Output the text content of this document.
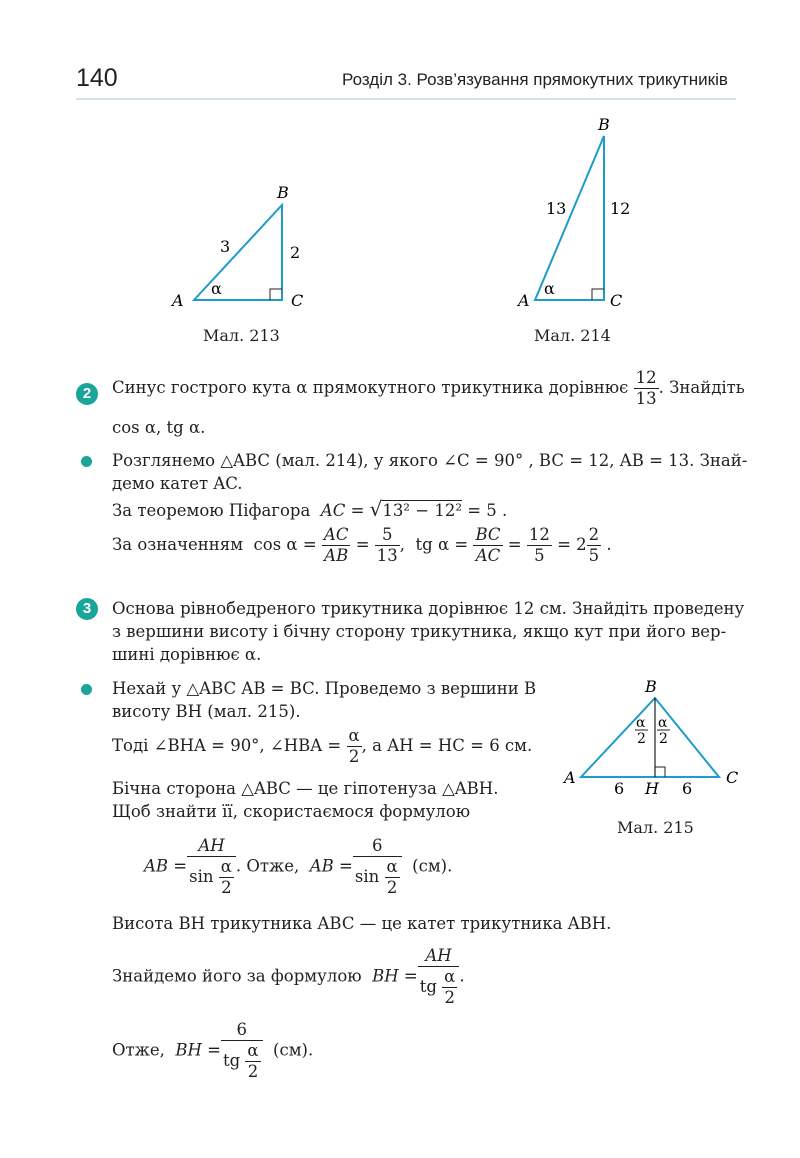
140	Розділ 3. Розв’язування прямокутних трикутників
A
B
C
3	2
α
Мал. 213
A
B
C
13	12
α
Мал. 214
2	Синус гострого кута α прямокутного трикутника дорівнює $\frac{12}{13}$ . Знайдіть
cos α, tg α.
Розглянемо △ABC (мал. 214), у якого ∠C = 90° , BC = 12, AB = 13. Знай-
демо катет AC.
За теоремою Піфагора AC = √13² − 12² = 5 .
За означенням $\cos \alpha = \frac{AC}{AB} = \frac{5}{13}$ , tg $\alpha = \frac{BC}{AC} = \frac{12}{5} = 2 \frac{2}{5}$ .
3	Основа рівнобедреного трикутника дорівнює 12 см. Знайдіть проведену
з вершини висоту і бічну сторону трикутника, якщо кут при його вер-
шині дорівнює α.
Нехай у △ABC AB = BC. Проведемо з вершини B
висоту BH (мал. 215).
Тоді ∠BHA = 90°, ∠HBA = $\frac{\alpha}{2}$ , а AH = HC = 6 см.
Бічна сторона △ABC — це гіпотенуза △ABH.
Щоб знайти її, скористаємося формулою
AB = $\frac{AH}{\sin \frac{\alpha}{2}}$ . Отже, AB = $\frac{6}{\sin \frac{\alpha}{2}} (см)$.
Висота BH трикутника ABC — це катет трикутника ABH.
Знайдемо його за формулою BH = $\frac{AH}{tg \frac{\alpha}{2}}$ .
Отже, BH = $\frac{6}{tg \frac{\alpha}{2}} (см)$.
B
A	C
H
6	6
α
2
α
2
Мал. 215
